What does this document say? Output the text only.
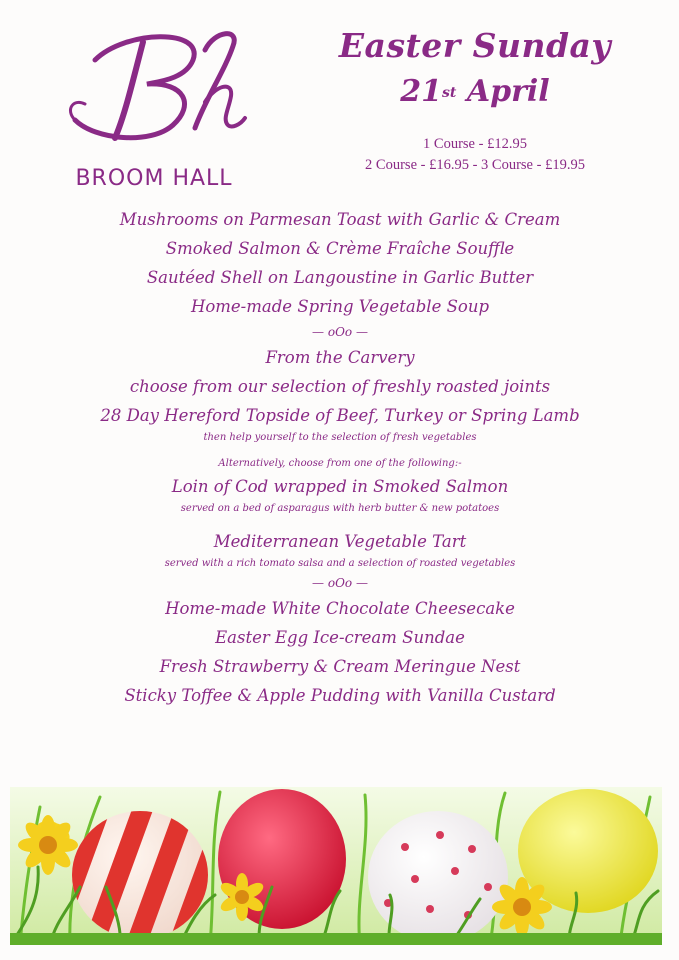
BROOM HALL
Easter Sunday
21st April
1 Course - £12.95
2 Course - £16.95 - 3 Course - £19.95
Mushrooms on Parmesan Toast with Garlic & Cream
Smoked Salmon & Crème Fraîche Souffle
Sautéed Shell on Langoustine in Garlic Butter
Home-made Spring Vegetable Soup
— oOo —
From the Carvery
choose from our selection of freshly roasted joints
28 Day Hereford Topside of Beef, Turkey or Spring Lamb
then help yourself to the selection of fresh vegetables
Alternatively, choose from one of the following:-
Loin of Cod wrapped in Smoked Salmon
served on a bed of asparagus with herb butter & new potatoes
Mediterranean Vegetable Tart
served with a rich tomato salsa and a selection of roasted vegetables
— oOo —
Home-made White Chocolate Cheesecake
Easter Egg Ice-cream Sundae
Fresh Strawberry & Cream Meringue Nest
Sticky Toffee & Apple Pudding with Vanilla Custard
